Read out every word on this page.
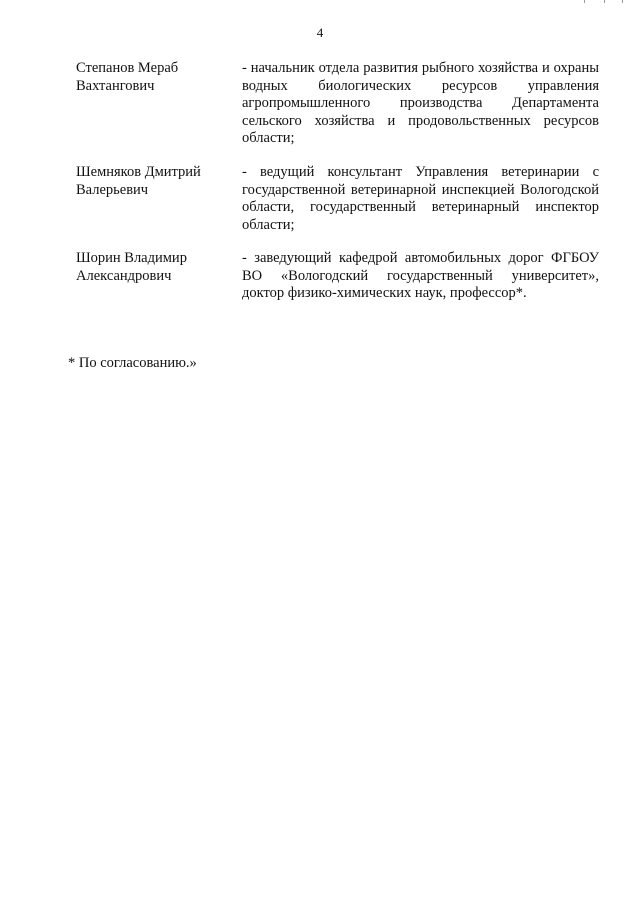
4
Степанов Мераб Вахтангович
- начальник отдела развития рыбного хозяйства и охраны водных биологических ресурсов управления агропромышленного производства Департамента сельского хозяйства и продовольственных ресурсов области;
Шемняков Дмитрий Валерьевич
- ведущий консультант Управления ветеринарии с государственной ветеринарной инспекцией Вологодской области, государственный ветеринарный инспектор области;
Шорин Владимир Александрович
- заведующий кафедрой автомобильных дорог ФГБОУ ВО «Вологодский государственный университет», доктор физико-химических наук, профессор*.
* По согласованию.»
